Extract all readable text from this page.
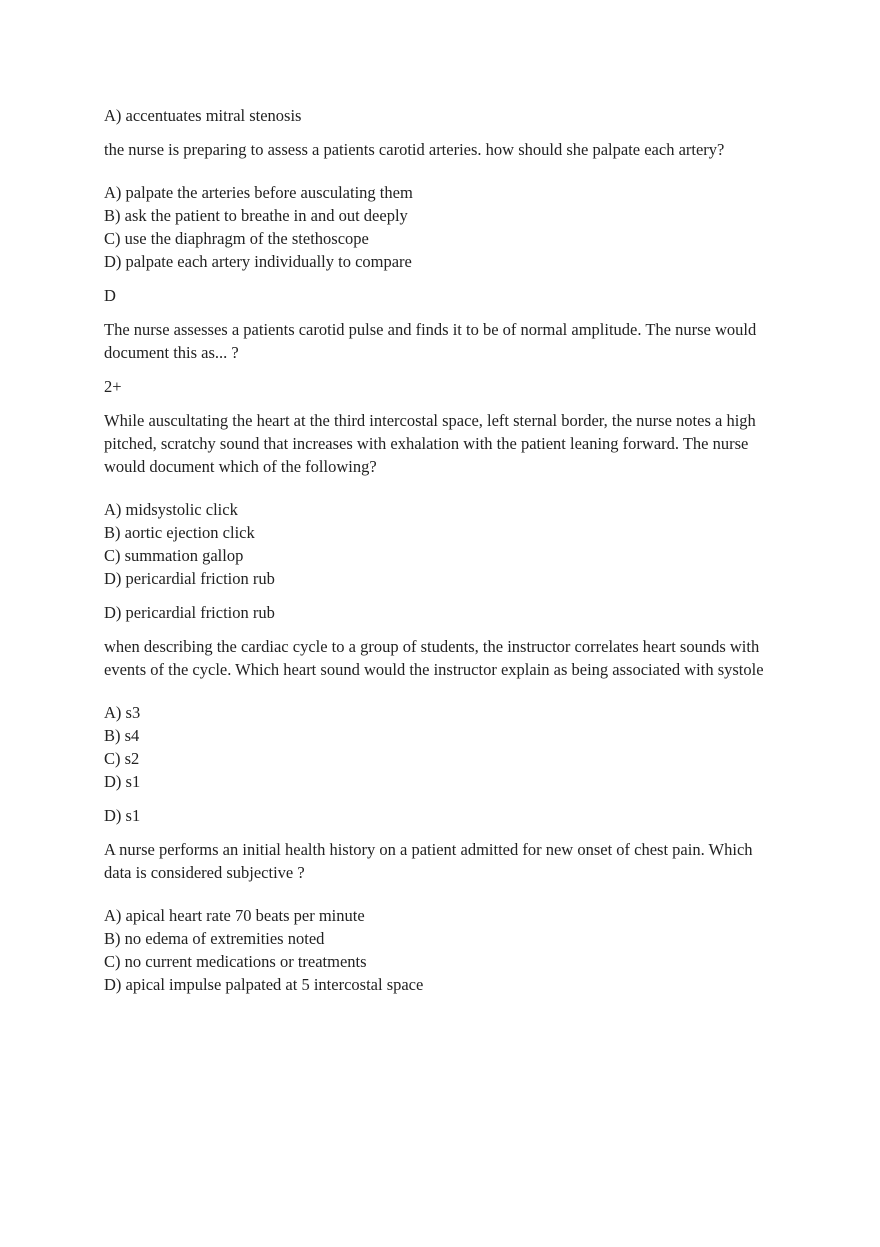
A) accentuates mitral stenosis

the nurse is preparing to assess a patients carotid arteries. how should she palpate each artery?

A) palpate the arteries before ausculating them
B) ask the patient to breathe in and out deeply
C) use the diaphragm of the stethoscope
D) palpate each artery individually to compare

D

The nurse assesses a patients carotid pulse and finds it to be of normal amplitude. The nurse would document this as... ?

2+

While auscultating the heart at the third intercostal space, left sternal border, the nurse notes a high pitched, scratchy sound that increases with exhalation with the patient leaning forward. The nurse would document which of the following?

A) midsystolic click
B) aortic ejection click
C) summation gallop
D) pericardial friction rub

D) pericardial friction rub

when describing the cardiac cycle to a group of students, the instructor correlates heart sounds with events of the cycle. Which heart sound would the instructor explain as being associated with systole

A) s3
B) s4
C) s2
D) s1

D) s1

A nurse performs an initial health history on a patient admitted for new onset of chest pain. Which data is considered subjective ?

A) apical heart rate 70 beats per minute
B) no edema of extremities noted
C) no current medications or treatments
D) apical impulse palpated at 5 intercostal space
